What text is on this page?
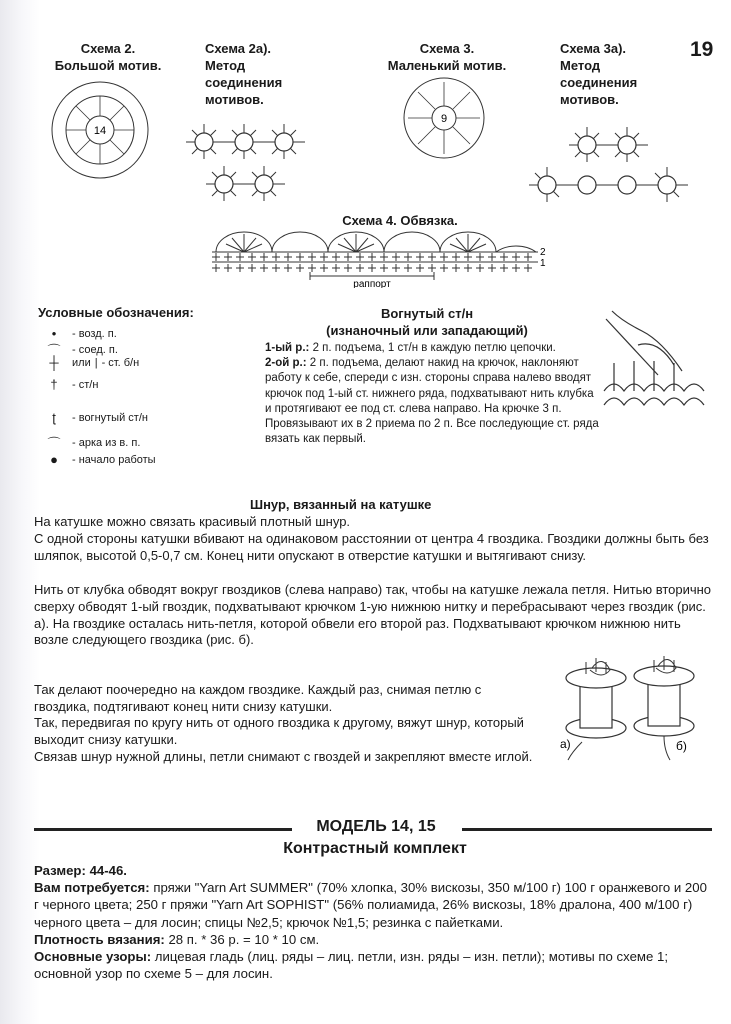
19
Схема 2.
Большой мотив.
Схема 2а).
Метод
соединения
мотивов.
Схема 3.
Маленький мотив.
Схема 3а).
Метод
соединения
мотивов.
14
9
Схема 4. Обвязка.
2
1
раппорт
Условные обозначения:
•	- возд. п.
⌒	- соед. п.
┼	или | - ст. б/н
†	- ст/н
ʈ	- вогнутый ст/н
⌒	- арка из в. п.
●	- начало работы
Вогнутый ст/н
(изнаночный или западающий)
1-ый р.: 2 п. подъема, 1 ст/н в каждую петлю цепочки.
2-ой р.: 2 п. подъема, делают накид на крючок, наклоняют работу к себе, спереди с изн. стороны справа налево вводят крючок под 1-ый ст. нижнего ряда, подхватывают нить клубка и протягивают ее под ст. слева направо. На крючке 3 п. Провязывают их в 2 приема по 2 п. Все последующие ст. ряда вязать как первый.
Шнур, вязанный на катушке
На катушке можно связать красивый плотный шнур.
С одной стороны катушки вбивают на одинаковом расстоянии от центра 4 гвоздика. Гвоздики должны быть без шляпок, высотой 0,5-0,7 см. Конец нити опускают в отверстие катушки и вытягивают снизу.
Нить от клубка обводят вокруг гвоздиков (слева направо) так, чтобы на катушке лежала петля. Нитью вторично сверху обводят 1-ый гвоздик, подхватывают крючком 1-ую нижнюю нитку и перебрасывают через гвоздик (рис. а). На гвоздике осталась нить-петля, которой обвели его второй раз. Подхватывают крючком нижнюю нить возле следующего гвоздика (рис. б).
Так делают поочередно на каждом гвоздике. Каждый раз, снимая петлю с гвоздика, подтягивают конец нити снизу катушки.
Так, передвигая по кругу нить от одного гвоздика к другому, вяжут шнур, который выходит снизу катушки.
Связав шнур нужной длины, петли снимают с гвоздей и закрепляют вместе иглой.
а)	б)
МОДЕЛЬ 14, 15
Контрастный комплект
Размер: 44-46.
Вам потребуется: пряжи "Yarn Art SUMMER" (70% хлопка, 30% вискозы, 350 м/100 г) 100 г оранжевого и 200 г черного цвета; 250 г пряжи "Yarn Art SOPHIST" (56% полиамида, 26% вискозы, 18% дралона, 400 м/100 г) черного цвета – для лосин; спицы №2,5; крючок №1,5; резинка с пайетками.
Плотность вязания: 28 п. * 36 р. = 10 * 10 см.
Основные узоры: лицевая гладь (лиц. ряды – лиц. петли, изн. ряды – изн. петли); мотивы по схеме 1; основной узор по схеме 5 – для лосин.
